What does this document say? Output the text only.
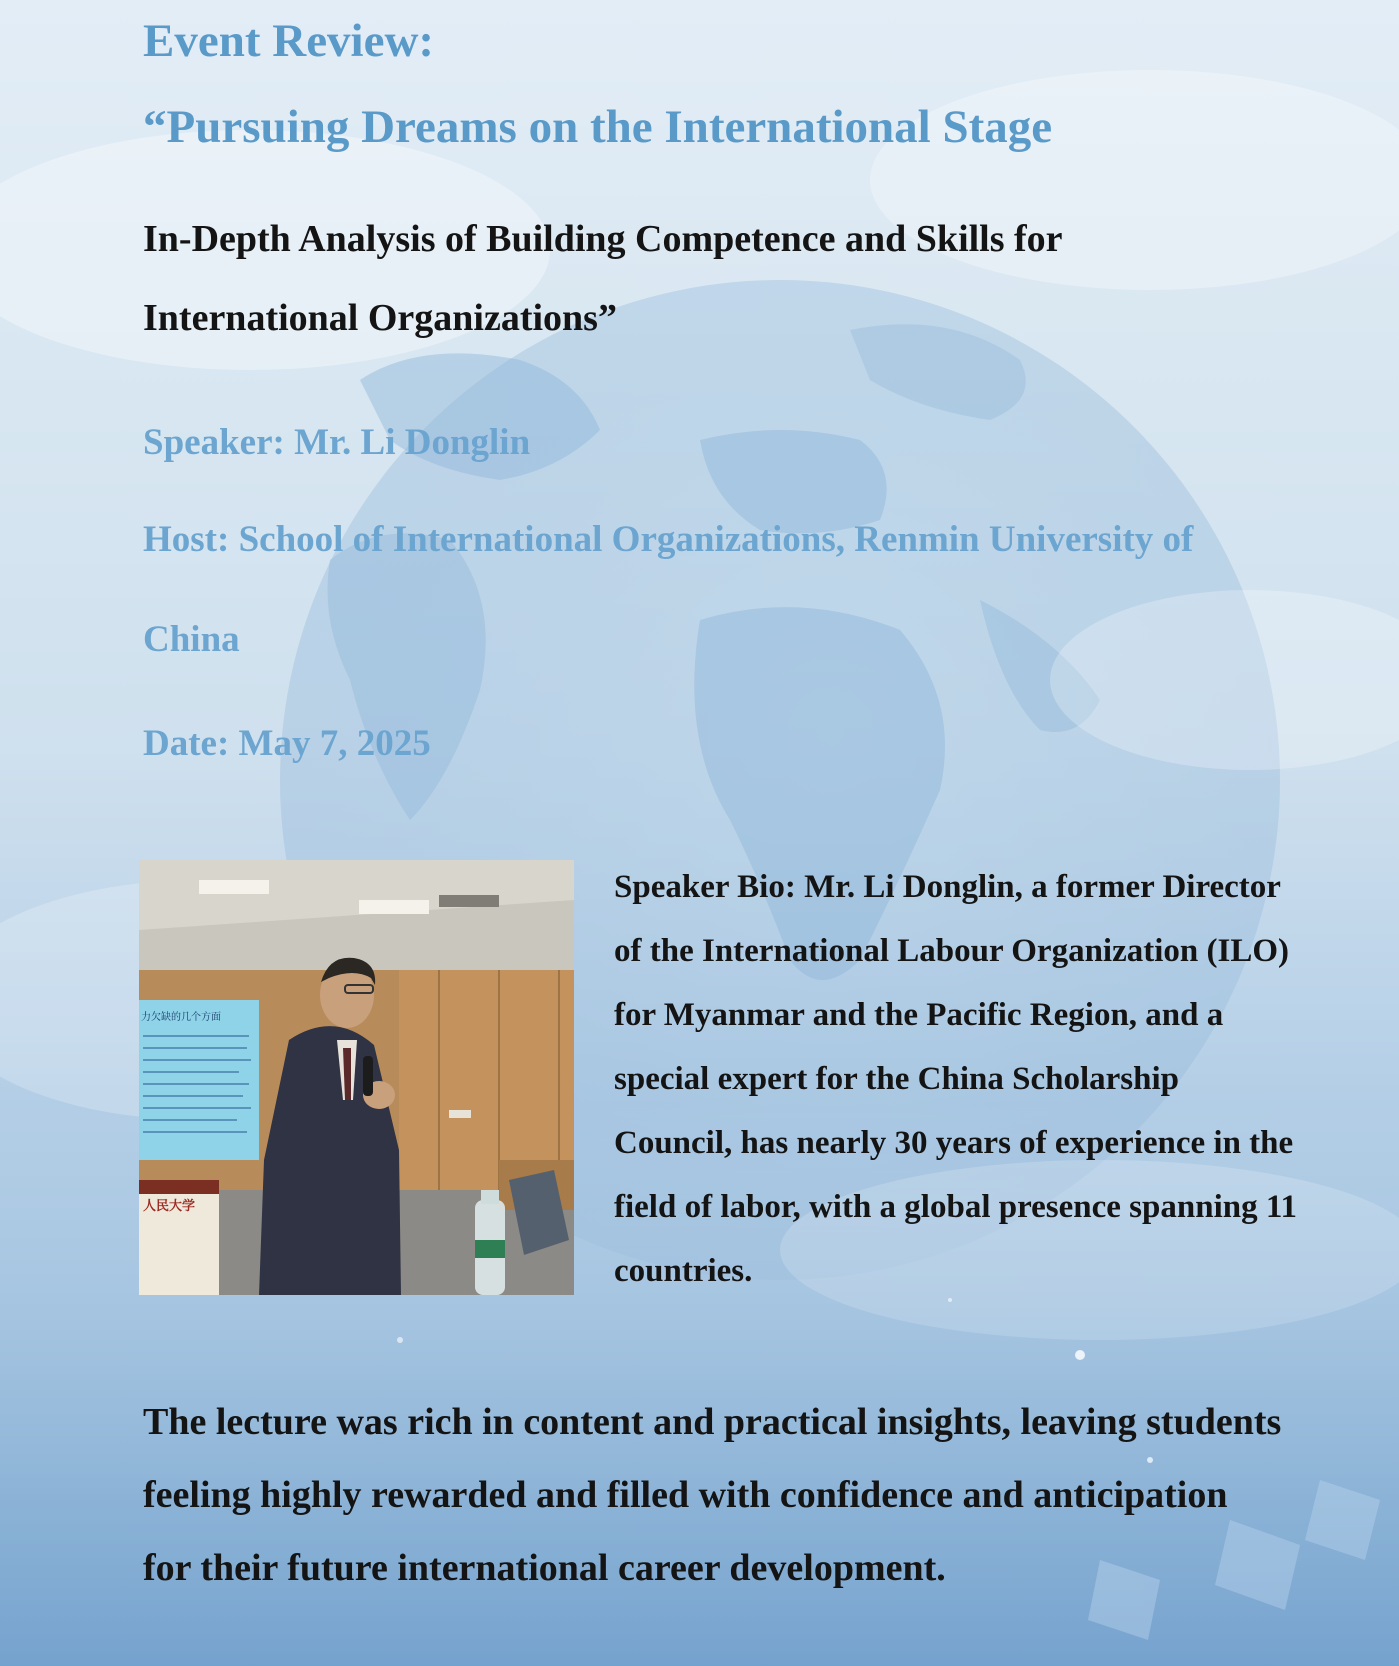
Event Review:
“Pursuing Dreams on the International Stage
In-Depth Analysis of Building Competence and Skills for International Organizations”

Speaker: Mr. Li Donglin

Host: School of International Organizations, Renmin University of China

Date: May 7, 2025

力欠缺的几个方面
人民大学

Speaker Bio: Mr. Li Donglin, a former Director of the International Labour Organization (ILO) for Myanmar and the Pacific Region, and a special expert for the China Scholarship Council, has nearly 30 years of experience in the field of labor, with a global presence spanning 11 countries.

The lecture was rich in content and practical insights, leaving students feeling highly rewarded and filled with confidence and anticipation for their future international career development.
